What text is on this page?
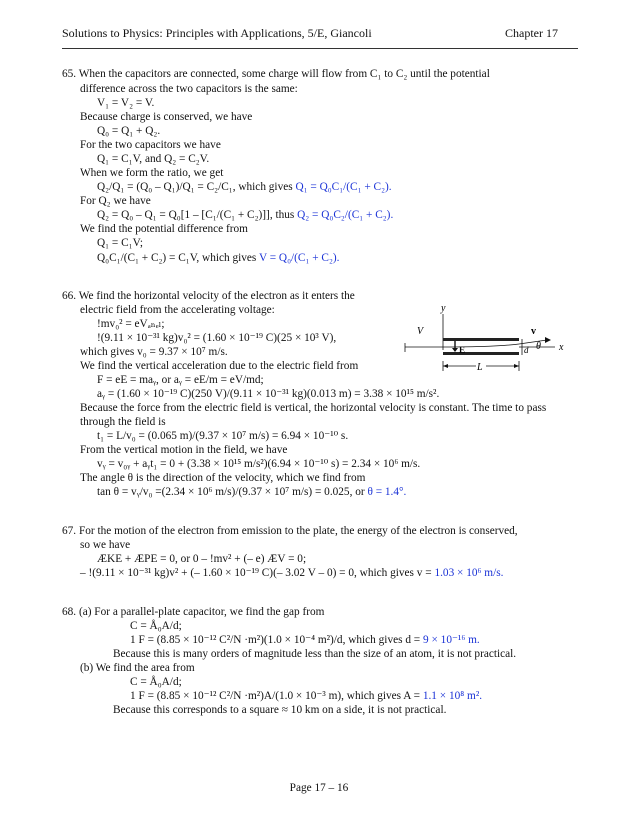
Solutions to Physics: Principles with Applications, 5/E, Giancoli	Chapter 17
65. When the capacitors are connected, some charge will flow from C₁ to C₂ until the potential
difference across the two capacitors is the same:
V₁ = V₂ = V.
Because charge is conserved, we have
Q₀ = Q₁ + Q₂.
For the two capacitors we have
Q₁ = C₁V, and Q₂ = C₂V.
When we form the ratio, we get
Q₂/Q₁ = (Q₀ – Q₁)/Q₁ = C₂/C₁, which gives Q₁ = Q₀C₁/(C₁ + C₂).
For Q₂ we have
Q₂ = Q₀ – Q₁ = Q₀[1 – [C₁/(C₁ + C₂)]], thus Q₂ = Q₀C₂/(C₁ + C₂).
We find the potential difference from
Q₁ = C₁V;
Q₀C₁/(C₁ + C₂) = C₁V, which gives V = Q₀/(C₁ + C₂).
66. We find the horizontal velocity of the electron as it enters the
electric field from the accelerating voltage:
!mv₀² = eVₐₙₑₗ;
!(9.11 × 10⁻³¹ kg)v₀² = (1.60 × 10⁻¹⁹ C)(25 × 10³ V),
which gives v₀ = 9.37 × 10⁷ m/s.
We find the vertical acceleration due to the electric field from
F = eE = maᵧ, or aᵧ = eE/m = eV/md;
aᵧ = (1.60 × 10⁻¹⁹ C)(250 V)/(9.11 × 10⁻³¹ kg)(0.013 m) = 3.38 × 10¹⁵ m/s².
Because the force from the electric field is vertical, the horizontal velocity is constant. The time to pass
through the field is
t₁ = L/v₀ = (0.065 m)/(9.37 × 10⁷ m/s) = 6.94 × 10⁻¹⁰ s.
From the vertical motion in the field, we have
vᵧ = v₀ᵧ + aᵧt₁ = 0 + (3.38 × 10¹⁵ m/s²)(6.94 × 10⁻¹⁰ s) = 2.34 × 10⁶ m/s.
The angle θ is the direction of the velocity, which we find from
tan θ = vᵧ/v₀ =(2.34 × 10⁶ m/s)/(9.37 × 10⁷ m/s) = 0.025, or θ = 1.4°.
67. For the motion of the electron from emission to the plate, the energy of the electron is conserved,
so we have
ÆKE + ÆPE = 0, or 0 – !mv² + (– e) ÆV = 0;
– !(9.11 × 10⁻³¹ kg)v² + (– 1.60 × 10⁻¹⁹ C)(– 3.02 V – 0) = 0, which gives v = 1.03 × 10⁶ m/s.
68. (a) For a parallel-plate capacitor, we find the gap from
C = Å₀A/d;
1 F = (8.85 × 10⁻¹² C²/N ·m²)(1.0 × 10⁻⁴ m²)/d, which gives d = 9 × 10⁻¹⁶ m.
Because this is many orders of magnitude less than the size of an atom, it is not practical.
(b) We find the area from
C = Å₀A/d;
1 F = (8.85 × 10⁻¹² C²/N ·m²)A/(1.0 × 10⁻³ m), which gives A = 1.1 × 10⁸ m².
Because this corresponds to a square ≈ 10 km on a side, it is not practical.
y
V
E
v
d θ x
L
Page 17 – 16
